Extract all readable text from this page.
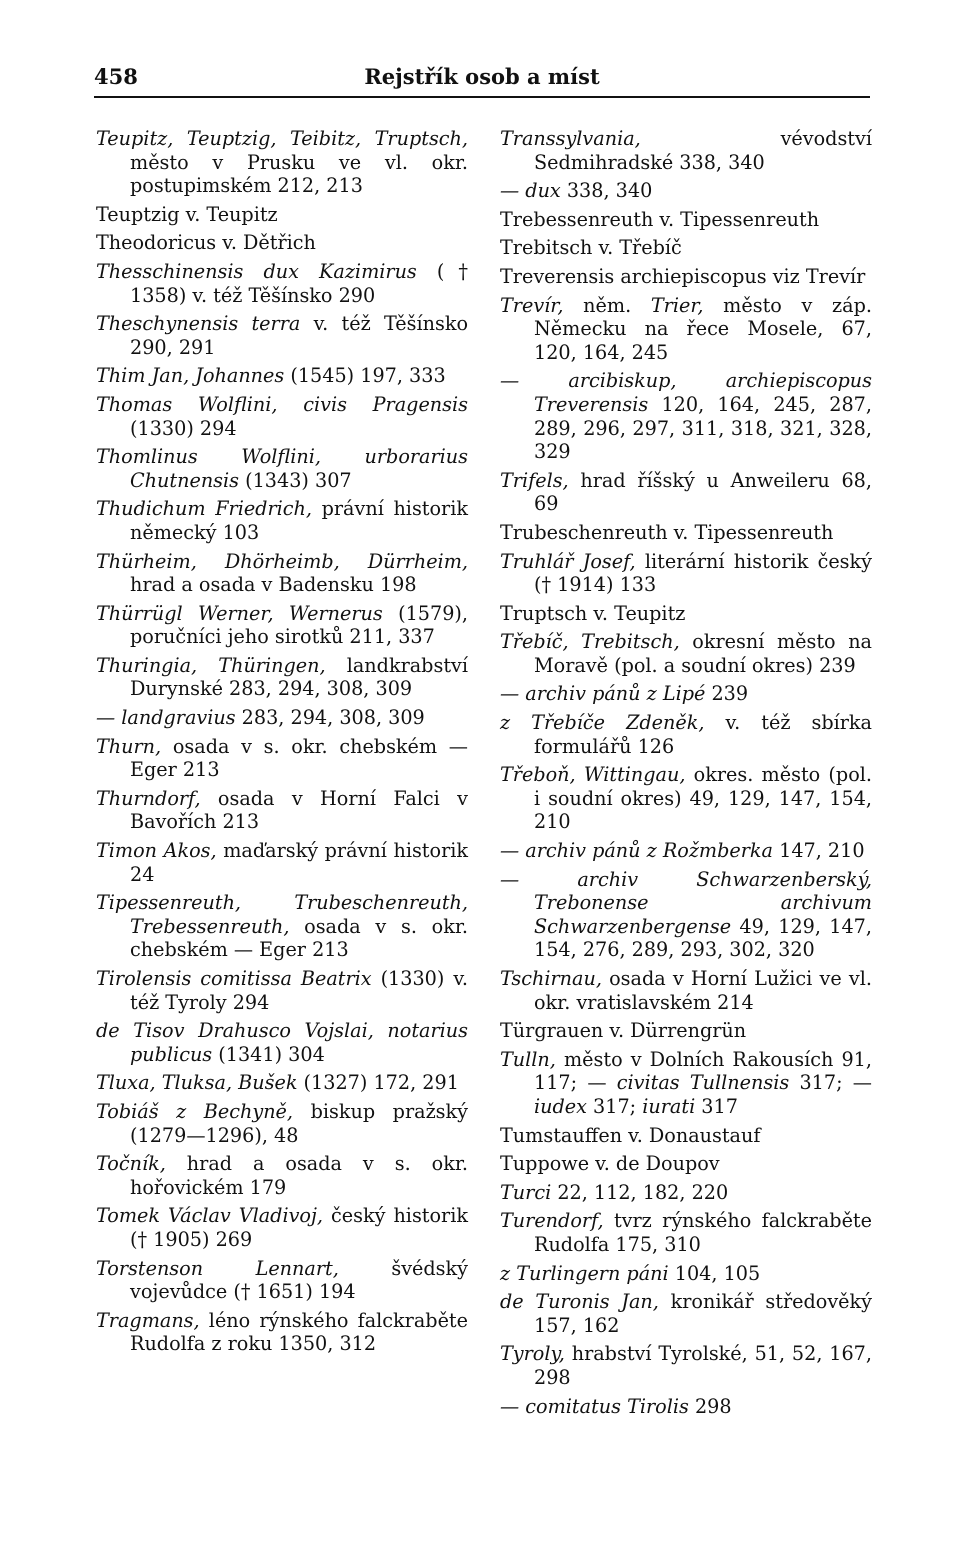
458	Rejstřík osob a míst

Teupitz, Teuptzig, Teibitz, Truptsch, město v Prusku ve vl. okr. postupimském 212, 213

Teuptzig v. Teupitz

Theodoricus v. Dětřich

Thesschinensis dux Kazimirus († 1358) v. též Těšínsko 290

Theschynensis terra v. též Těšínsko 290, 291

Thim Jan, Johannes (1545) 197, 333

Thomas Wolflini, civis Pragensis (1330) 294

Thomlinus Wolflini, urborarius Chutnensis (1343) 307

Thudichum Friedrich, právní historik německý 103

Thürheim, Dhörheimb, Dürrheim, hrad a osada v Badensku 198

Thürrügl Werner, Wernerus (1579), poručníci jeho sirotků 211, 337

Thuringia, Thüringen, landkrabství Durynské 283, 294, 308, 309

— landgravius 283, 294, 308, 309

Thurn, osada v s. okr. chebském — Eger 213

Thurndorf, osada v Horní Falci v Bavořích 213

Timon Akos, maďarský právní historik 24

Tipessenreuth, Trubeschenreuth, Trebessenreuth, osada v s. okr. chebském — Eger 213

Tirolensis comitissa Beatrix (1330) v. též Tyroly 294

de Tisov Drahusco Vojslai, notarius publicus (1341) 304

Tluxa, Tluksa, Bušek (1327) 172, 291

Tobiáš z Bechyně, biskup pražský (1279—1296), 48

Točník, hrad a osada v s. okr. hořovickém 179

Tomek Václav Vladivoj, český historik († 1905) 269

Torstenson Lennart, švédský vojevůdce († 1651) 194

Tragmans, léno rýnského falckraběte Rudolfa z roku 1350, 312

Transsylvania, vévodství Sedmihradské 338, 340

— dux 338, 340

Trebessenreuth v. Tipessenreuth

Trebitsch v. Třebíč

Treverensis archiepiscopus viz Trevír

Trevír, něm. Trier, město v záp. Německu na řece Mosele, 67, 120, 164, 245

— arcibiskup, archiepiscopus Treverensis 120, 164, 245, 287, 289, 296, 297, 311, 318, 321, 328, 329

Trifels, hrad říšský u Anweileru 68, 69

Trubeschenreuth v. Tipessenreuth

Truhlář Josef, literární historik český († 1914) 133

Truptsch v. Teupitz

Třebíč, Trebitsch, okresní město na Moravě (pol. a soudní okres) 239

— archiv pánů z Lipé 239

z Třebíče Zdeněk, v. též sbírka formulářů 126

Třeboň, Wittingau, okres. město (pol. i soudní okres) 49, 129, 147, 154, 210

— archiv pánů z Rožmberka 147, 210

— archiv Schwarzenberský, Trebonense archivum Schwarzenbergense 49, 129, 147, 154, 276, 289, 293, 302, 320

Tschirnau, osada v Horní Lužici ve vl. okr. vratislavském 214

Türgrauen v. Dürrengrün

Tulln, město v Dolních Rakousích 91, 117; — civitas Tullnensis 317; — iudex 317; iurati 317

Tumstauffen v. Donaustauf

Tuppowe v. de Doupov

Turci 22, 112, 182, 220

Turendorf, tvrz rýnského falckraběte Rudolfa 175, 310

z Turlingern páni 104, 105

de Turonis Jan, kronikář středověký 157, 162

Tyroly, hrabství Tyrolské, 51, 52, 167, 298

— comitatus Tirolis 298
